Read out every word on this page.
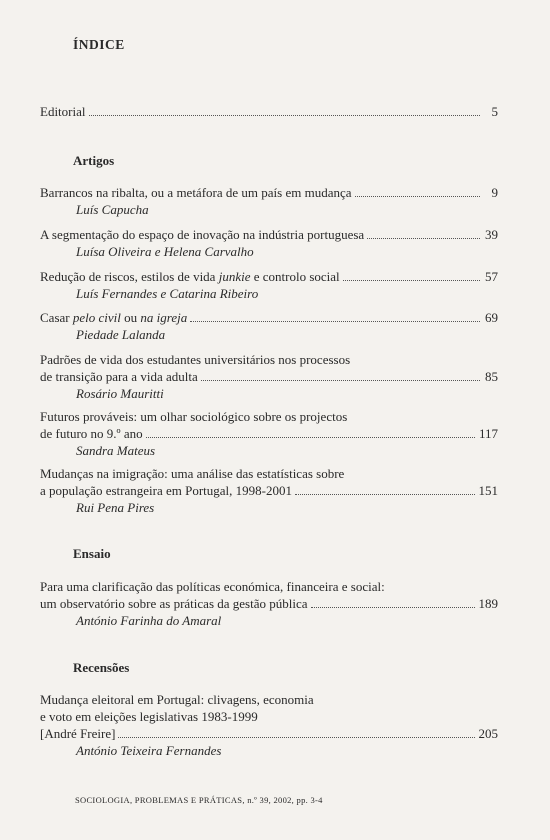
ÍNDICE
Editorial	5
Artigos
Barrancos na ribalta, ou a metáfora de um país em mudança	9
Luís Capucha
A segmentação do espaço de inovação na indústria portuguesa	39
Luísa Oliveira e Helena Carvalho
Redução de riscos, estilos de vida junkie e controlo social	57
Luís Fernandes e Catarina Ribeiro
Casar pelo civil ou na igreja	69
Piedade Lalanda
Padrões de vida dos estudantes universitários nos processos
de transição para a vida adulta	85
Rosário Mauritti
Futuros prováveis: um olhar sociológico sobre os projectos
de futuro no 9.º ano	117
Sandra Mateus
Mudanças na imigração: uma análise das estatísticas sobre
a população estrangeira em Portugal, 1998-2001	151
Rui Pena Pires
Ensaio
Para uma clarificação das políticas económica, financeira e social:
um observatório sobre as práticas da gestão pública	189
António Farinha do Amaral
Recensões
Mudança eleitoral em Portugal: clivagens, economia
e voto em eleições legislativas 1983-1999
[André Freire]	205
António Teixeira Fernandes
SOCIOLOGIA, PROBLEMAS E PRÁTICAS, n.º 39, 2002, pp. 3-4
